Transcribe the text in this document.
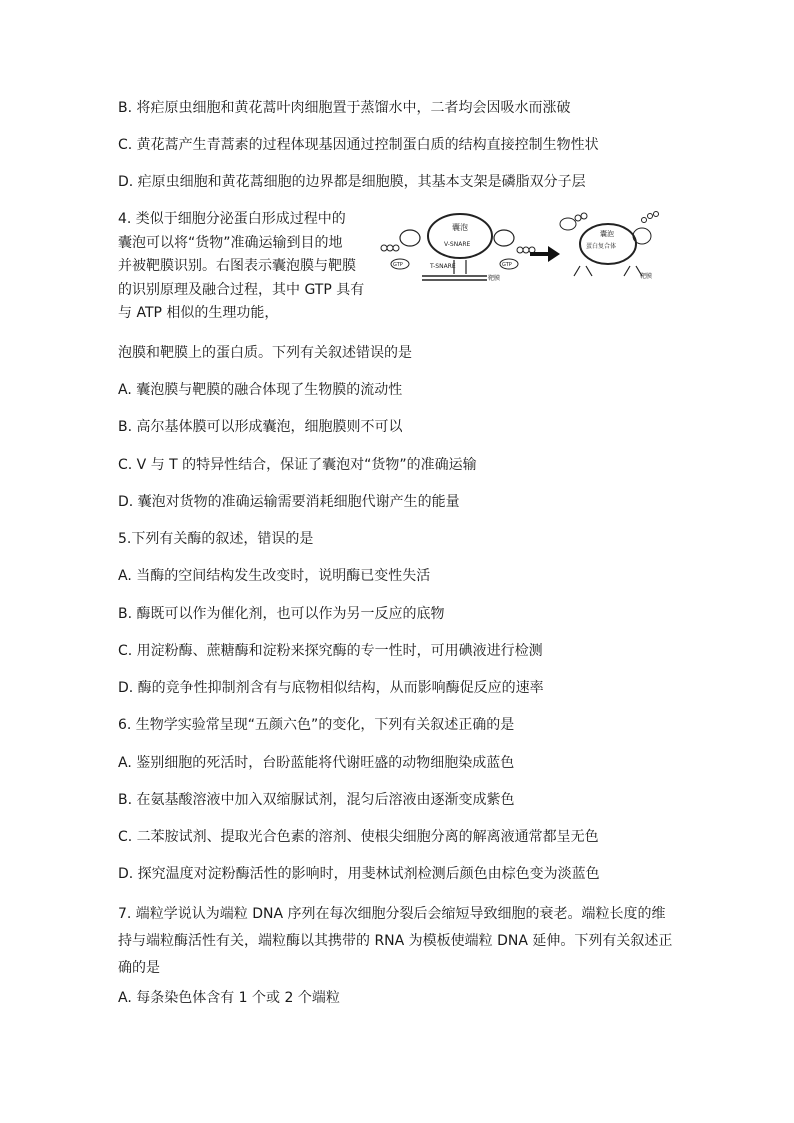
B. 将疟原虫细胞和黄花蒿叶肉细胞置于蒸馏水中，二者均会因吸水而涨破
C. 黄花蒿产生青蒿素的过程体现基因通过控制蛋白质的结构直接控制生物性状
D. 疟原虫细胞和黄花蒿细胞的边界都是细胞膜，其基本支架是磷脂双分子层
4. 类似于细胞分泌蛋白形成过程中的
囊泡可以将“货物”准确运输到目的地
并被靶膜识别。右图表示囊泡膜与靶膜
的识别原理及融合过程，其中 GTP 具有
与 ATP 相似的生理功能，
囊泡
V-SNARE
GTP	GTP
T-SNARE
靶膜
囊泡
蛋白复合体
靶膜
泡膜和靶膜上的蛋白质。下列有关叙述错误的是
A. 囊泡膜与靶膜的融合体现了生物膜的流动性
B. 高尔基体膜可以形成囊泡，细胞膜则不可以
C. V 与 T 的特异性结合，保证了囊泡对“货物”的准确运输
D. 囊泡对货物的准确运输需要消耗细胞代谢产生的能量
5.下列有关酶的叙述，错误的是
A. 当酶的空间结构发生改变时，说明酶已变性失活
B. 酶既可以作为催化剂，也可以作为另一反应的底物
C. 用淀粉酶、蔗糖酶和淀粉来探究酶的专一性时，可用碘液进行检测
D. 酶的竞争性抑制剂含有与底物相似结构，从而影响酶促反应的速率
6. 生物学实验常呈现“五颜六色”的变化，下列有关叙述正确的是
A. 鉴别细胞的死活时，台盼蓝能将代谢旺盛的动物细胞染成蓝色
B. 在氨基酸溶液中加入双缩脲试剂，混匀后溶液由逐渐变成紫色
C. 二苯胺试剂、提取光合色素的溶剂、使根尖细胞分离的解离液通常都呈无色
D. 探究温度对淀粉酶活性的影响时，用斐林试剂检测后颜色由棕色变为淡蓝色
7. 端粒学说认为端粒 DNA 序列在每次细胞分裂后会缩短导致细胞的衰老。端粒长度的维持与端粒酶活性有关，端粒酶以其携带的 RNA 为模板使端粒 DNA 延伸。下列有关叙述正确的是
A. 每条染色体含有 1 个或 2 个端粒
